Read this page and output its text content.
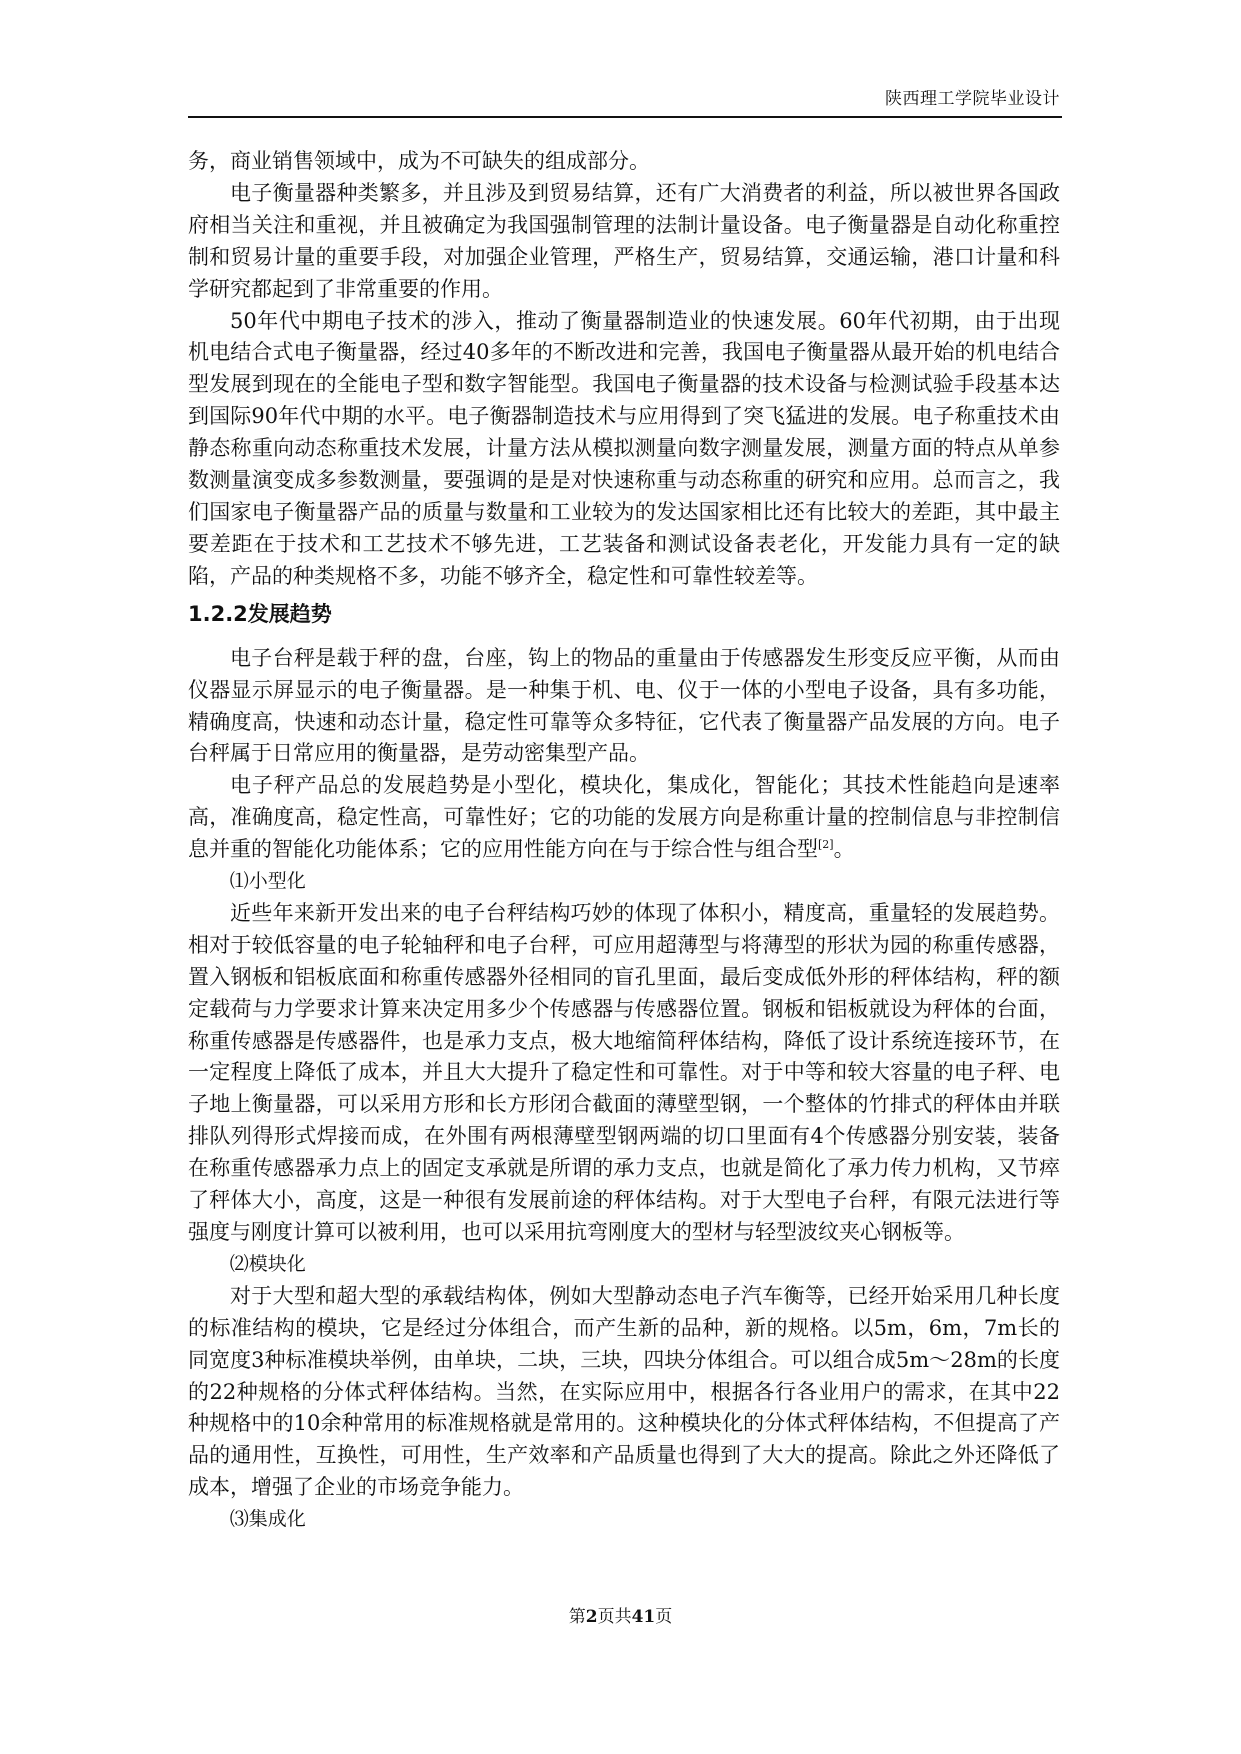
陕西理工学院毕业设计

务，商业销售领域中，成为不可缺失的组成部分。

电子衡量器种类繁多，并且涉及到贸易结算，还有广大消费者的利益，所以被世界各国政府相当关注和重视，并且被确定为我国强制管理的法制计量设备。电子衡量器是自动化称重控制和贸易计量的重要手段，对加强企业管理，严格生产，贸易结算，交通运输，港口计量和科学研究都起到了非常重要的作用。

50年代中期电子技术的涉入，推动了衡量器制造业的快速发展。60年代初期，由于出现机电结合式电子衡量器，经过40多年的不断改进和完善，我国电子衡量器从最开始的机电结合型发展到现在的全能电子型和数字智能型。我国电子衡量器的技术设备与检测试验手段基本达到国际90年代中期的水平。电子衡器制造技术与应用得到了突飞猛进的发展。电子称重技术由静态称重向动态称重技术发展，计量方法从模拟测量向数字测量发展，测量方面的特点从单参数测量演变成多参数测量，要强调的是是对快速称重与动态称重的研究和应用。总而言之，我们国家电子衡量器产品的质量与数量和工业较为的发达国家相比还有比较大的差距，其中最主要差距在于技术和工艺技术不够先进，工艺装备和测试设备表老化，开发能力具有一定的缺陷，产品的种类规格不多，功能不够齐全，稳定性和可靠性较差等。

1.2.2发展趋势

电子台秤是载于秤的盘，台座，钩上的物品的重量由于传感器发生形变反应平衡，从而由仪器显示屏显示的电子衡量器。是一种集于机、电、仪于一体的小型电子设备，具有多功能，精确度高，快速和动态计量，稳定性可靠等众多特征，它代表了衡量器产品发展的方向。电子台秤属于日常应用的衡量器，是劳动密集型产品。

电子秤产品总的发展趋势是小型化，模块化，集成化，智能化；其技术性能趋向是速率高，准确度高，稳定性高，可靠性好；它的功能的发展方向是称重计量的控制信息与非控制信息并重的智能化功能体系；它的应用性能方向在与于综合性与组合型[2]。

⑴小型化

近些年来新开发出来的电子台秤结构巧妙的体现了体积小，精度高，重量轻的发展趋势。相对于较低容量的电子轮轴秤和电子台秤，可应用超薄型与将薄型的形状为园的称重传感器，置入钢板和铝板底面和称重传感器外径相同的盲孔里面，最后变成低外形的秤体结构，秤的额定载荷与力学要求计算来决定用多少个传感器与传感器位置。钢板和铝板就设为秤体的台面，称重传感器是传感器件，也是承力支点，极大地缩简秤体结构，降低了设计系统连接环节，在一定程度上降低了成本，并且大大提升了稳定性和可靠性。对于中等和较大容量的电子秤、电子地上衡量器，可以采用方形和长方形闭合截面的薄壁型钢，一个整体的竹排式的秤体由并联排队列得形式焊接而成，在外围有两根薄壁型钢两端的切口里面有4个传感器分别安装，装备在称重传感器承力点上的固定支承就是所谓的承力支点，也就是简化了承力传力机构，又节瘁了秤体大小，高度，这是一种很有发展前途的秤体结构。对于大型电子台秤，有限元法进行等强度与刚度计算可以被利用，也可以采用抗弯刚度大的型材与轻型波纹夹心钢板等。

⑵模块化

对于大型和超大型的承载结构体，例如大型静动态电子汽车衡等，已经开始采用几种长度的标准结构的模块，它是经过分体组合，而产生新的品种，新的规格。以5m，6m，7m长的同宽度3种标准模块举例，由单块，二块，三块，四块分体组合。可以组合成5m～28m的长度的22种规格的分体式秤体结构。当然，在实际应用中，根据各行各业用户的需求，在其中22种规格中的10余种常用的标准规格就是常用的。这种模块化的分体式秤体结构，不但提高了产品的通用性，互换性，可用性，生产效率和产品质量也得到了大大的提高。除此之外还降低了成本，增强了企业的市场竞争能力。

⑶集成化

第2页共41页
